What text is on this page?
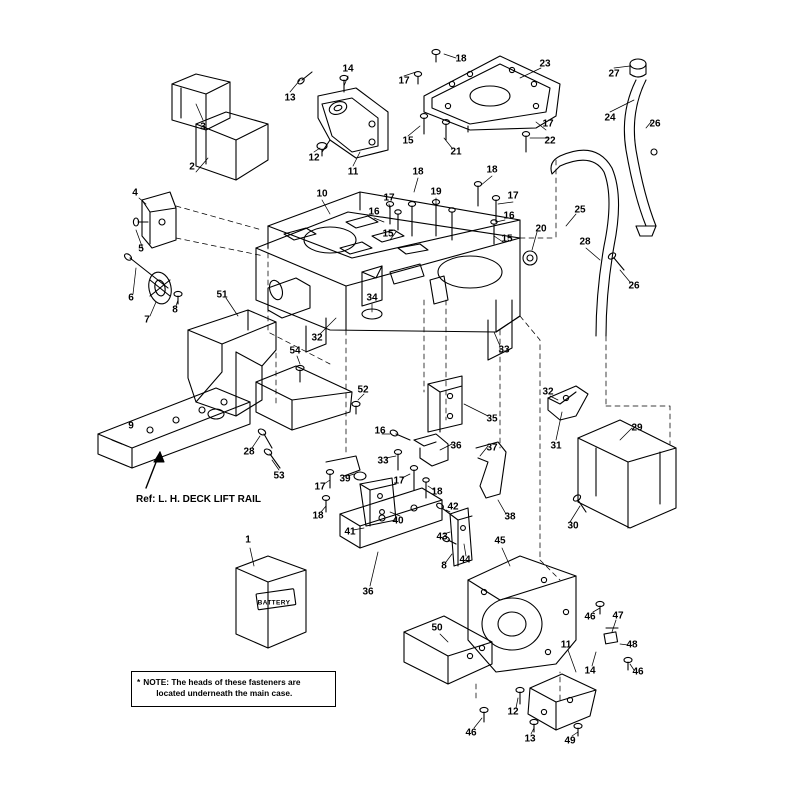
18	23
27
14
17
13
24
26
3	17
15
21
22
12
11
2	18	18
10	17
19	17
25
4
16	16
15	20
15	28
5
26
6	34
7
8
51
32
33
54
9
52
35
32
29
31
16
36 37
28
53
33
17
39	17
18
30
18	40
42
38
1
41	43
8
45
44
36
46 47
48
11
14	46
50
12
13	49
46
BATTERY
Ref: L. H. DECK LIFT RAIL
* NOTE: The heads of these fasteners are
located underneath the main case.
